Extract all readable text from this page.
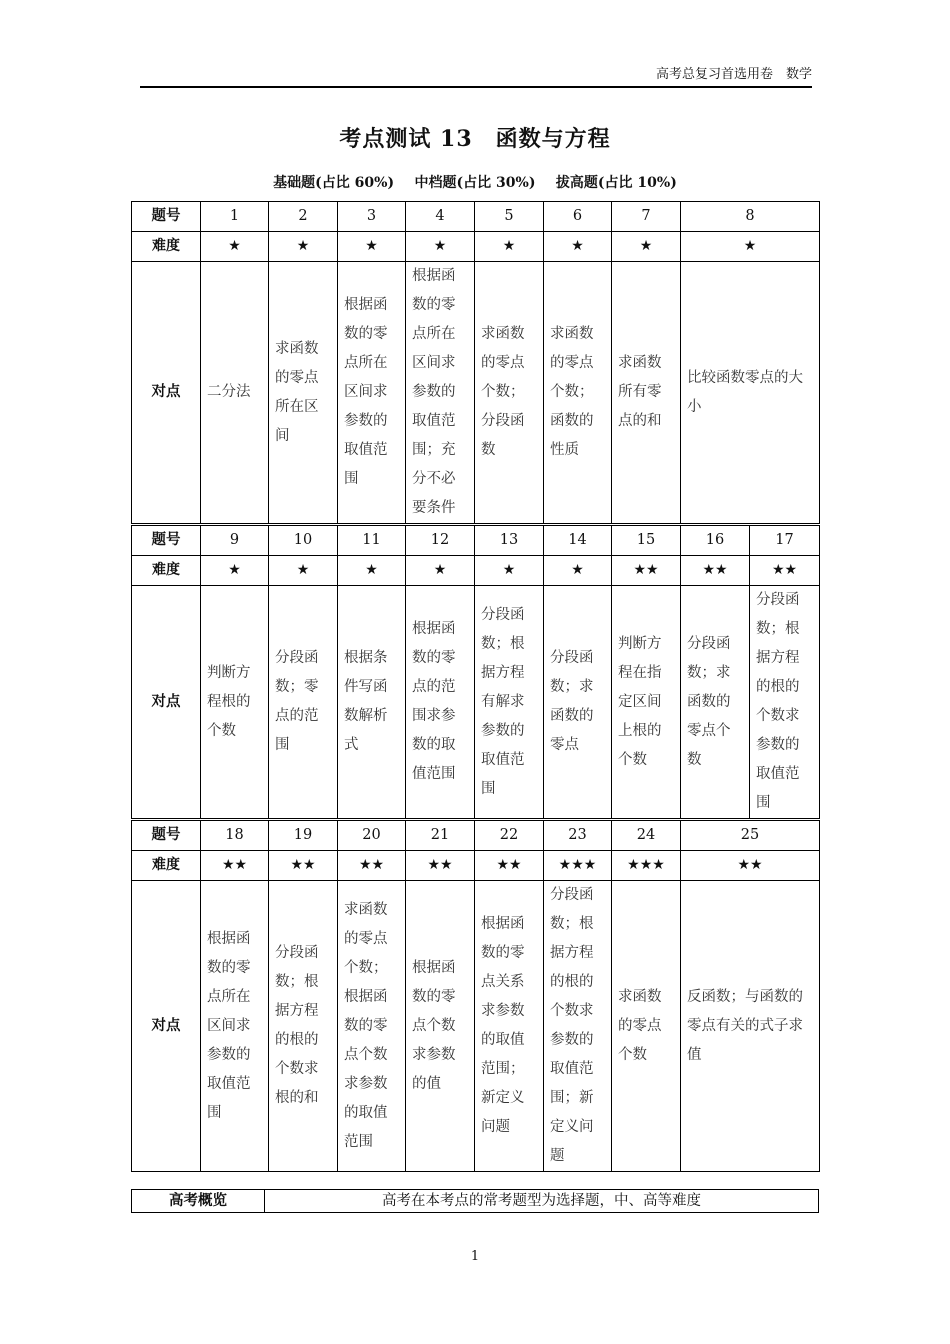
高考总复习首选用卷　数学
考点测试 13　函数与方程
基础题(占比 60%) 中档题(占比 30%) 拔高题(占比 10%)
题号	1	2	3	4	5	6	7	8	
难度	★	★	★	★	★	★	★	★	
对点	二分法	求函数的零点所在区间	根据函数的零点所在区间求参数的取值范围	根据函数的零点所在区间求参数的取值范围；充分不必要条件	求函数的零点个数；分段函数	求函数的零点个数；函数的性质	求函数所有零点的和	比较函数零点的大小	
题号	9	10	11	12	13	14	15	16	17
难度	★	★	★	★	★	★	★★	★★	★★
对点	判断方程根的个数	分段函数；零点的范围	根据条件写函数解析式	根据函数的零点的范围求参数的取值范围	分段函数；根据方程有解求参数的取值范围	分段函数；求函数的零点	判断方程在指定区间上根的个数	分段函数；求函数的零点个数	分段函数；根据方程的根的个数求参数的取值范围
题号	18	19	20	21	22	23	24	25	
难度	★★	★★	★★	★★	★★	★★★	★★★	★★	
对点	根据函数的零点所在区间求参数的取值范围	分段函数；根据方程的根的个数求根的和	求函数的零点个数；根据函数的零点个数求参数的取值范围	根据函数的零点个数求参数的值	根据函数的零点关系求参数的取值范围；新定义问题	分段函数；根据方程的根的个数求参数的取值范围；新定义问题	求函数的零点个数	反函数；与函数的零点有关的式子求值	
高考概览	高考在本考点的常考题型为选择题，中、高等难度
1
